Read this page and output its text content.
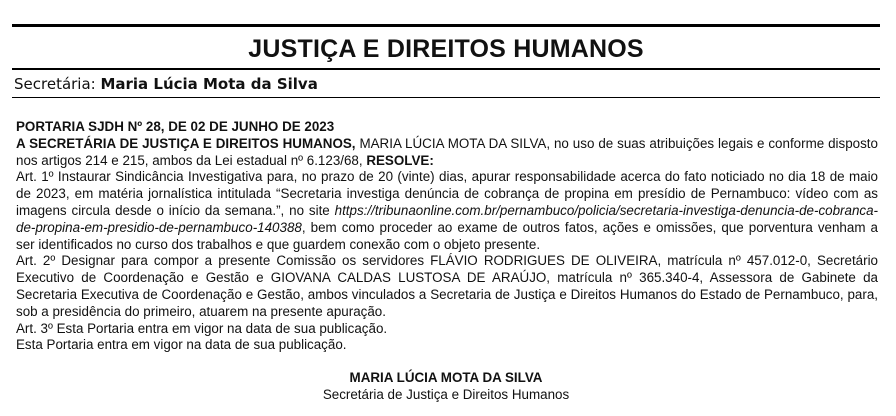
JUSTIÇA E DIREITOS HUMANOS
Secretária: Maria Lúcia Mota da Silva

PORTARIA SJDH Nº 28, DE 02 DE JUNHO DE 2023

A SECRETÁRIA DE JUSTIÇA E DIREITOS HUMANOS, MARIA LÚCIA MOTA DA SILVA, no uso de suas atribuições legais e conforme disposto nos artigos 214 e 215, ambos da Lei estadual nº 6.123/68, RESOLVE:

Art. 1º Instaurar Sindicância Investigativa para, no prazo de 20 (vinte) dias, apurar responsabilidade acerca do fato noticiado no dia 18 de maio de 2023, em matéria jornalística intitulada “Secretaria investiga denúncia de cobrança de propina em presídio de Pernambuco: vídeo com as imagens circula desde o início da semana.”, no site https://tribunaonline.com.br/pernambuco/policia/secretaria-investiga-denuncia-de-cobranca-de-propina-em-presidio-de-pernambuco-140388, bem como proceder ao exame de outros fatos, ações e omissões, que porventura venham a ser identificados no curso dos trabalhos e que guardem conexão com o objeto presente.

Art. 2º Designar para compor a presente Comissão os servidores FLÁVIO RODRIGUES DE OLIVEIRA, matrícula nº 457.012-0, Secretário Executivo de Coordenação e Gestão e GIOVANA CALDAS LUSTOSA DE ARAÚJO, matrícula nº 365.340-4, Assessora de Gabinete da Secretaria Executiva de Coordenação e Gestão, ambos vinculados a Secretaria de Justiça e Direitos Humanos do Estado de Pernambuco, para, sob a presidência do primeiro, atuarem na presente apuração.

Art. 3º Esta Portaria entra em vigor na data de sua publicação.

Esta Portaria entra em vigor na data de sua publicação.

MARIA LÚCIA MOTA DA SILVA
Secretária de Justiça e Direitos Humanos
